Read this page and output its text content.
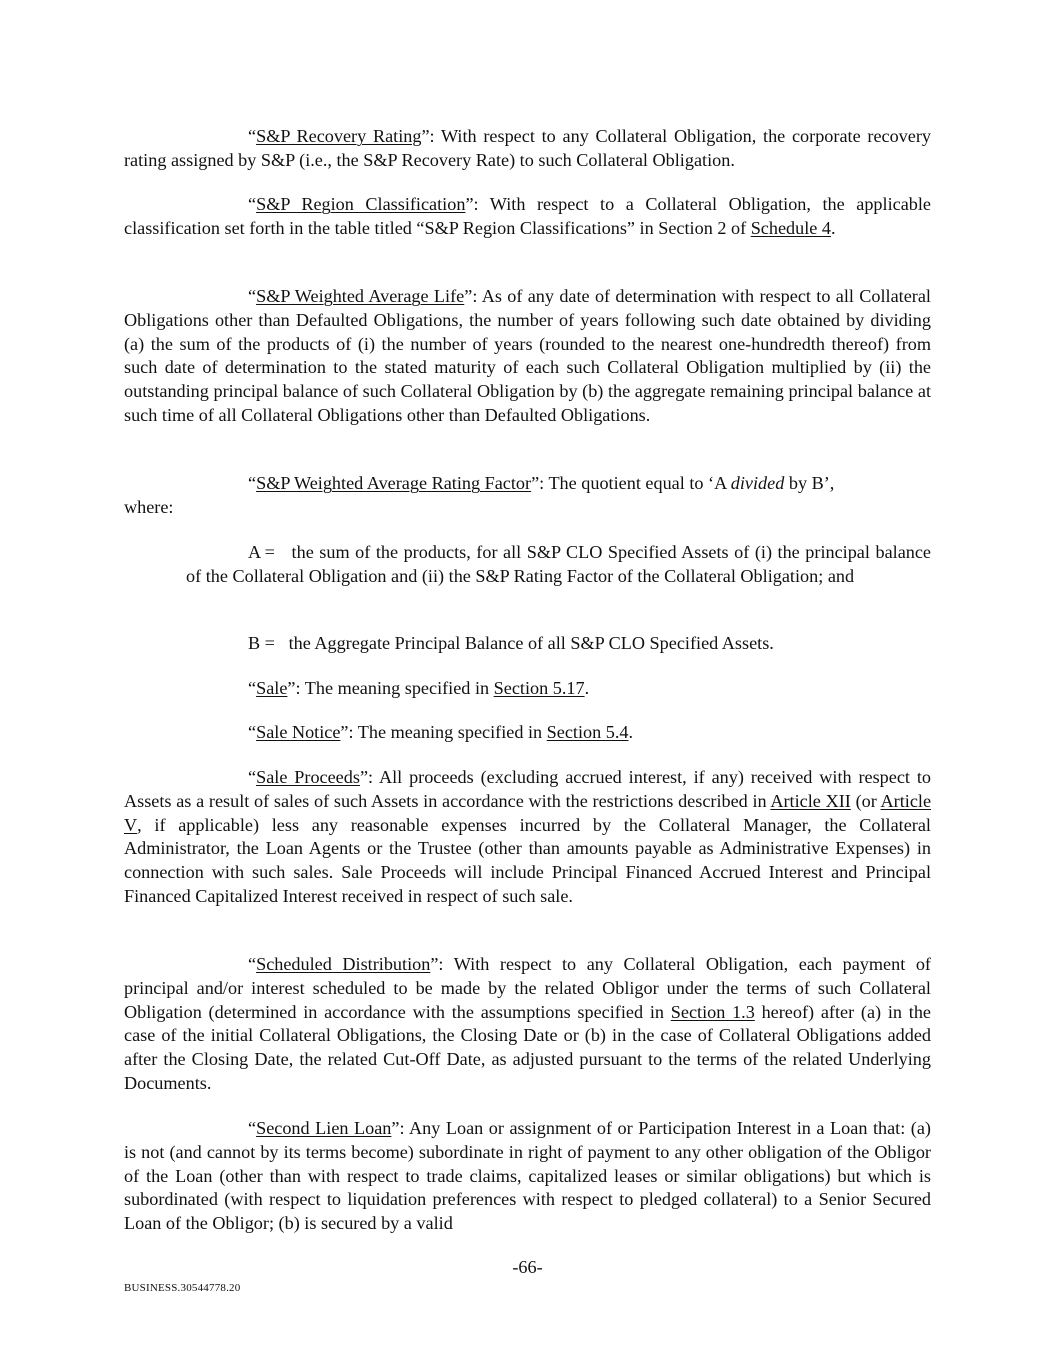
“S&P Recovery Rating”: With respect to any Collateral Obligation, the corporate recovery rating assigned by S&P (i.e., the S&P Recovery Rate) to such Collateral Obligation.

“S&P Region Classification”: With respect to a Collateral Obligation, the applicable classification set forth in the table titled “S&P Region Classifications” in Section 2 of Schedule 4.

“S&P Weighted Average Life”: As of any date of determination with respect to all Collateral Obligations other than Defaulted Obligations, the number of years following such date obtained by dividing (a) the sum of the products of (i) the number of years (rounded to the nearest one-hundredth thereof) from such date of determination to the stated maturity of each such Collateral Obligation multiplied by (ii) the outstanding principal balance of such Collateral Obligation by (b) the aggregate remaining principal balance at such time of all Collateral Obligations other than Defaulted Obligations.

“S&P Weighted Average Rating Factor”: The quotient equal to ‘A divided by B’,

where:

A = the sum of the products, for all S&P CLO Specified Assets of (i) the principal balance of the Collateral Obligation and (ii) the S&P Rating Factor of the Collateral Obligation; and

B = the Aggregate Principal Balance of all S&P CLO Specified Assets.

“Sale”: The meaning specified in Section 5.17.

“Sale Notice”: The meaning specified in Section 5.4.

“Sale Proceeds”: All proceeds (excluding accrued interest, if any) received with respect to Assets as a result of sales of such Assets in accordance with the restrictions described in Article XII (or Article V, if applicable) less any reasonable expenses incurred by the Collateral Manager, the Collateral Administrator, the Loan Agents or the Trustee (other than amounts payable as Administrative Expenses) in connection with such sales. Sale Proceeds will include Principal Financed Accrued Interest and Principal Financed Capitalized Interest received in respect of such sale.

“Scheduled Distribution”: With respect to any Collateral Obligation, each payment of principal and/or interest scheduled to be made by the related Obligor under the terms of such Collateral Obligation (determined in accordance with the assumptions specified in Section 1.3 hereof) after (a) in the case of the initial Collateral Obligations, the Closing Date or (b) in the case of Collateral Obligations added after the Closing Date, the related Cut-Off Date, as adjusted pursuant to the terms of the related Underlying Documents.

“Second Lien Loan”: Any Loan or assignment of or Participation Interest in a Loan that: (a) is not (and cannot by its terms become) subordinate in right of payment to any other obligation of the Obligor of the Loan (other than with respect to trade claims, capitalized leases or similar obligations) but which is subordinated (with respect to liquidation preferences with respect to pledged collateral) to a Senior Secured Loan of the Obligor; (b) is secured by a valid

-66-
BUSINESS.30544778.20
